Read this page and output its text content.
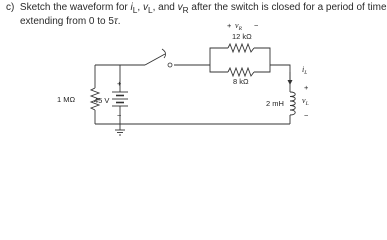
c) Sketch the waveform for $i_L$, $v_L$, and $v_R$ after the switch is closed for a period of time
extending from 0 to 5τ.
1 MΩ	45 V
+
−
12 kΩ
+ $v_R$ −
8 kΩ
2 mH
$i_L$
+
$v_L$
−
